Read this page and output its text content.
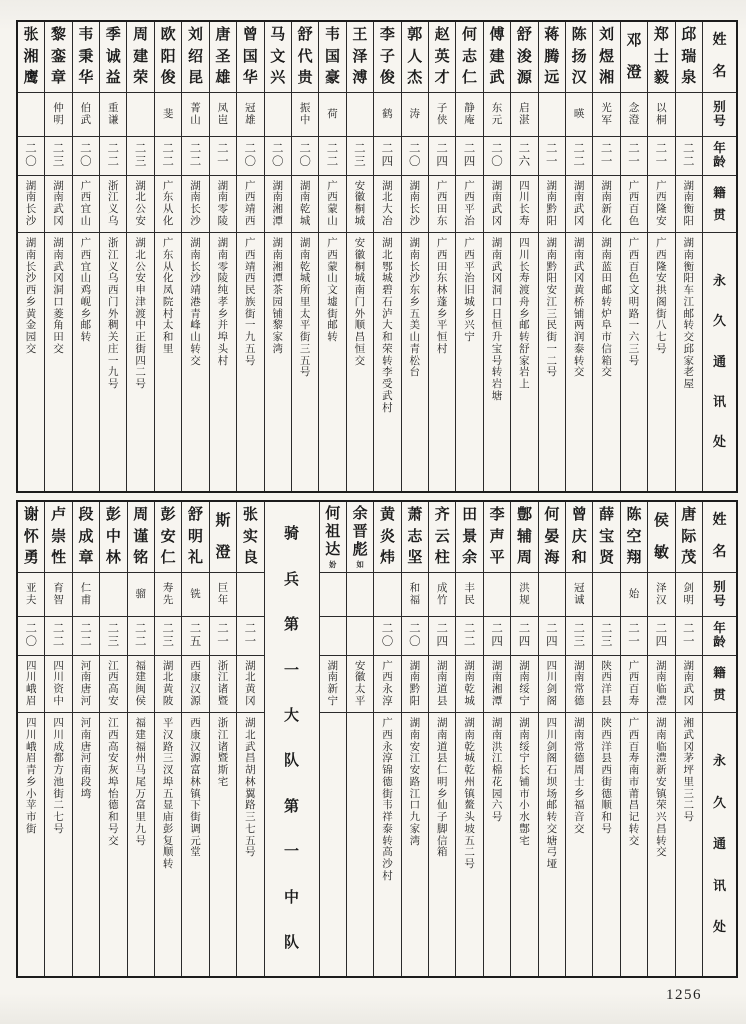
姓
名
别
号
年
龄
籍
贯
永
久
通
讯
处
邱
瑞
泉
二
二
湖
南
衡
阳
湖
南
衡
阳
车
江
邮
转
交
邱
家
老
屋
郑
士
毅
以
桐
二
一
广
西
隆
安
广
西
隆
安
拱
阁
街
八
七
号
邓
澄
念
澄
二
一
广
西
百
色
广
西
百
色
文
明
路
一
六
三
号
刘
煜
湘
光
军
二
一
湖
南
新
化
湖
南
蓝
田
邮
转
炉
阜
市
信
箱
交
陈
扬
汉
暎
二
二
湖
南
武
冈
湖
南
武
冈
黄
桥
铺
两
润
泰
转
交
蒋
腾
远
二
一
湖
南
黔
阳
湖
南
黔
阳
安
江
三
民
街
一
二
号
舒
浚
源
启
湛
二
六
四
川
长
寿
四
川
长
寿
渡
舟
乡
邮
转
舒
家
岩
上
傅
建
武
东
元
二
〇
湖
南
武
冈
湖
南
武
冈
洞
口
日
恒
升
宝
号
转
岩
塘
何
志
仁
静
庵
二
四
广
西
平
治
广
西
平
治
旧
城
乡
兴
宁
赵
英
才
子
侠
二
四
广
西
田
东
广
西
田
东
林
蓬
乡
平
恒
村
郭
人
杰
涛
二
〇
湖
南
长
沙
湖
南
长
沙
东
乡
五
美
山
青
松
台
李
子
俊
鹤
二
四
湖
北
大
冶
湖
北
鄂
城
碧
石
泸
大
和
荣
转
李
受
武
村
王
泽
溥
二
三
安
徽
桐
城
安
徽
桐
城
南
门
外
顺
昌
恒
交
韦
国
豪
荷
二
二
广
西
蒙
山
广
西
蒙
山
文
墟
街
邮
转
舒
代
贵
振
中
二
〇
湖
南
乾
城
湖
南
乾
城
所
里
太
平
街
三
五
号
马
文
兴
二
〇
湖
南
湘
潭
湖
南
湘
潭
茶
园
铺
黎
家
湾
曾
国
华
冠
雄
二
〇
广
西
靖
西
广
西
靖
西
民
族
街
一
九
五
号
唐
圣
雄
凤
岜
二
一
湖
南
零
陵
湖
南
零
陵
纯
孝
乡
并
埠
头
村
刘
绍
昆
菁
山
二
二
湖
南
长
沙
湖
南
长
沙
靖
港
青
峰
山
转
交
欧
阳
俊
斐
二
二
广
东
从
化
广
东
从
化
凤
院
村
太
和
里
周
建
荣
二
三
湖
北
公
安
湖
北
公
安
申
津
渡
中
正
街
四
二
号
季
诚
益
重
谦
二
二
浙
江
义
乌
浙
江
义
乌
西
门
外
稠
关
庄
一
九
号
韦
秉
华
伯
武
二
〇
广
西
宜
山
广
西
宜
山
鸡
岘
乡
邮
转
黎
銮
章
仲
明
二
三
湖
南
武
冈
湖
南
武
冈
洞
口
菱
角
田
交
张
湘
鹰
二
〇
湖
南
长
沙
湖
南
长
沙
西
乡
黄
金
园
交
姓
名
别
号
年
龄
籍
贯
永
久
通
讯
处
唐
际
茂
剑
明
二
一
湖
南
武
冈
湘
武
冈
茅
坪
里
三
二
号
侯
敏
泽
汉
二
四
湖
南
临
澧
湖
南
临
澧
新
安
镇
荣
兴
昌
转
交
陈
空
翔
始
二
一
广
西
百
寿
广
西
百
寿
南
市
莆
昌
记
转
交
薛
宝
贤
二
三
陕
西
洋
县
陕
西
洋
县
西
街
德
顺
和
号
曾
庆
和
冠
诚
二
三
湖
南
常
德
湖
南
常
德
周
士
乡
福
音
交
何
晏
海
二
四
四
川
剑
阁
四
川
剑
阁
石
坝
场
邮
转
交
塘
弓
垭
鄷
辅
周
洪
规
二
四
湖
南
绥
宁
湖
南
绥
宁
长
铺
市
小
水
鄷
宅
李
声
平
二
四
湖
南
湘
潭
湖
南
洪
江
棉
花
园
六
号
田
景
余
丰
民
二
二
湖
南
乾
城
湖
南
乾
城
乾
州
镇
鳌
头
坡
五
二
号
齐
云
柱
成
竹
二
四
湖
南
道
县
湖
南
道
县
仁
明
乡
仙
子
脚
信
箱
萧
志
坚
和
福
二
〇
湖
南
黔
阳
湖
南
安
江
安
路
江
口
九
家
湾
黄
炎
炜
二
〇
广
西
永
淳
广
西
永
淳
锦
德
街
韦
祥
泰
转
高
沙
村
余
晋
彪
如
安
徽
太
平
何
祖
达
妢
湖
南
新
宁
骑
兵
第
一
大
队
第
一
中
队
张
实
良
二
一
湖
北
黄
冈
湖
北
武
昌
胡
林
翼
路
三
七
五
号
斯
澄
巨
年
二
一
浙
江
诸
暨
浙
江
诸
暨
斯
宅
舒
明
礼
铣
二
五
西
康
汉
源
西
康
汉
源
富
林
镇
下
街
调
元
堂
彭
安
仁
寿
先
二
三
湖
北
黄
陂
平
汉
路
三
汊
埠
五
显
庙
彭
复
顺
转
周
谨
铭
骝
二
二
福
建
闽
侯
福
建
福
州
马
尾
万
富
里
九
号
彭
中
林
二
三
江
西
高
安
江
西
高
安
灰
埠
怡
德
和
号
交
段
成
章
仁
甫
二
二
河
南
唐
河
河
南
唐
河
南
段
塆
卢
崇
性
育
智
二
二
四
川
资
中
四
川
成
都
方
池
街
二
七
号
谢
怀
勇
亚
夫
二
〇
四
川
峨
眉
四
川
峨
眉
青
乡
小
苹
市
街
1256
